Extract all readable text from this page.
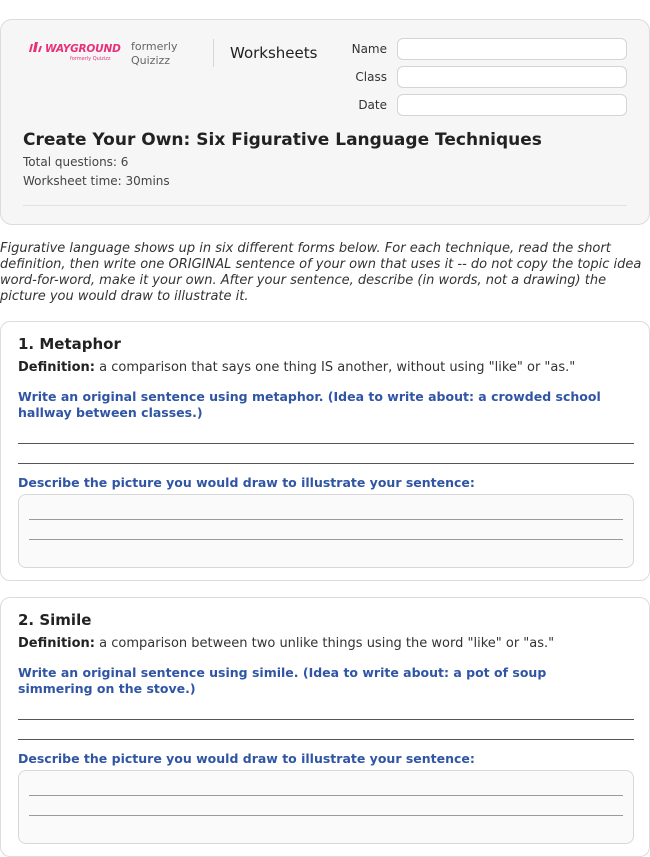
WAYGROUND
formerly Quizizz
formerly Quizizz	Worksheets	Name
Class
Date
Create Your Own: Six Figurative Language Techniques
Total questions: 6
Worksheet time: 30mins
Figurative language shows up in six different forms below. For each technique, read the short definition, then write one ORIGINAL sentence of your own that uses it -- do not copy the topic idea word-for-word, make it your own. After your sentence, describe (in words, not a drawing) the picture you would draw to illustrate it.
1. Metaphor
Definition: a comparison that says one thing IS another, without using "like" or "as."
Write an original sentence using metaphor. (Idea to write about: a crowded school hallway between classes.)
Describe the picture you would draw to illustrate your sentence:
2. Simile
Definition: a comparison between two unlike things using the word "like" or "as."
Write an original sentence using simile. (Idea to write about: a pot of soup simmering on the stove.)
Describe the picture you would draw to illustrate your sentence:
